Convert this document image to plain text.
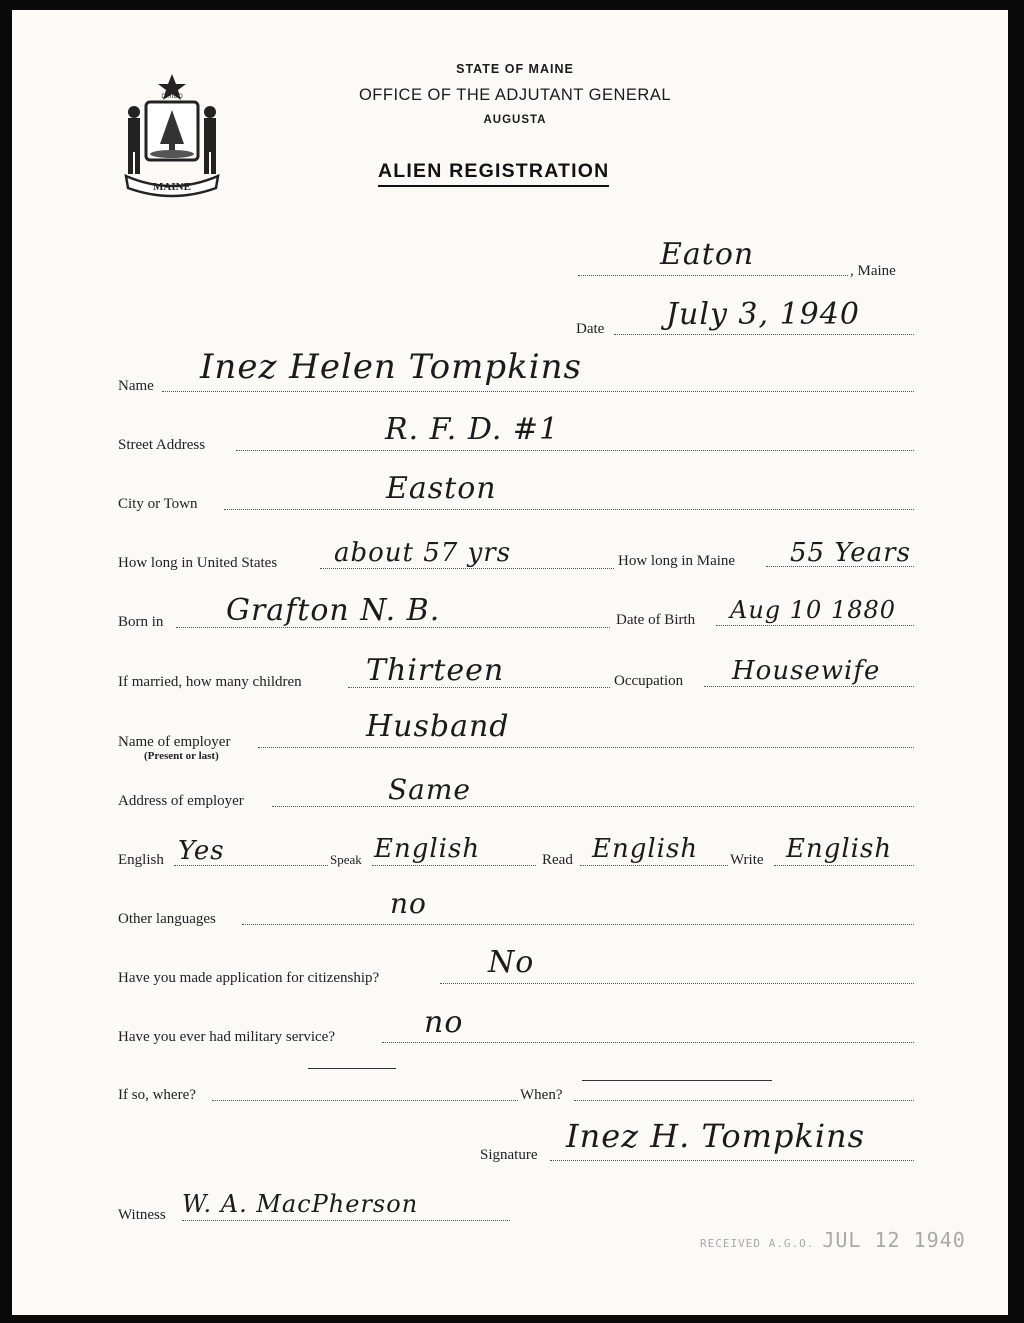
MAINE
DIRIGO
STATE OF MAINE
OFFICE OF THE ADJUTANT GENERAL
AUGUSTA
ALIEN REGISTRATION
Eaton	, Maine
Date July 3, 1940
Name Inez Helen Tompkins
Street Address	R. F. D. #1
City or Town	Easton
How long in United States about 57 yrs	How long in Maine 55 Years
Born in Grafton N. B.	Date of Birth Aug 10 1880
If married, how many children Thirteen	Occupation Housewife
Name of employer
(Present or last)
Husband
Address of employer	Same
English Yes	Speak English	Read English Write English
Other languages	no
Have you made application for citizenship?	No
Have you ever had military service?	no
If so, where?	When?
Signature Inez H. Tompkins
Witness W. A. MacPherson
RECEIVED A.G.O. JUL 12 1940
